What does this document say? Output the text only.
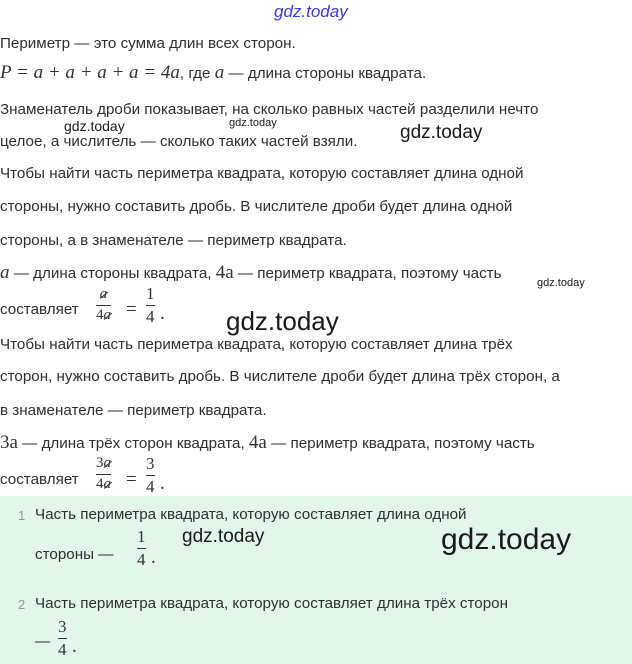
gdz.today
Периметр — это сумма длин всех сторон.
P = a + a + a + a = 4a, где a — длина стороны квадрата.
Знаменатель дроби показывает, на сколько равных частей разделили нечто
целое, а числитель — сколько таких частей взяли.
gdz.today	gdz.today	gdz.today
Чтобы найти часть периметра квадрата, которую составляет длина одной
стороны, нужно составить дробь. В числителе дроби будет длина одной
стороны, а в знаменателе — периметр квадрата.
a — длина стороны квадрата, 4a — периметр квадрата, поэтому часть
gdz.today
составляет
a
4a =
1
4 . gdz.today
Чтобы найти часть периметра квадрата, которую составляет длина трёх
сторон, нужно составить дробь. В числителе дроби будет длина трёх сторон, а
в знаменателе — периметр квадрата.
3a — длина трёх сторон квадрата, 4a — периметр квадрата, поэтому часть
составляет
3a
4a =
3
4 .
1 Часть периметра квадрата, которую составляет длина одной
стороны —
1
4 .
gdz.today	gdz.today
2 Часть периметра квадрата, которую составляет длина трёх сторон
—
3
4 .
